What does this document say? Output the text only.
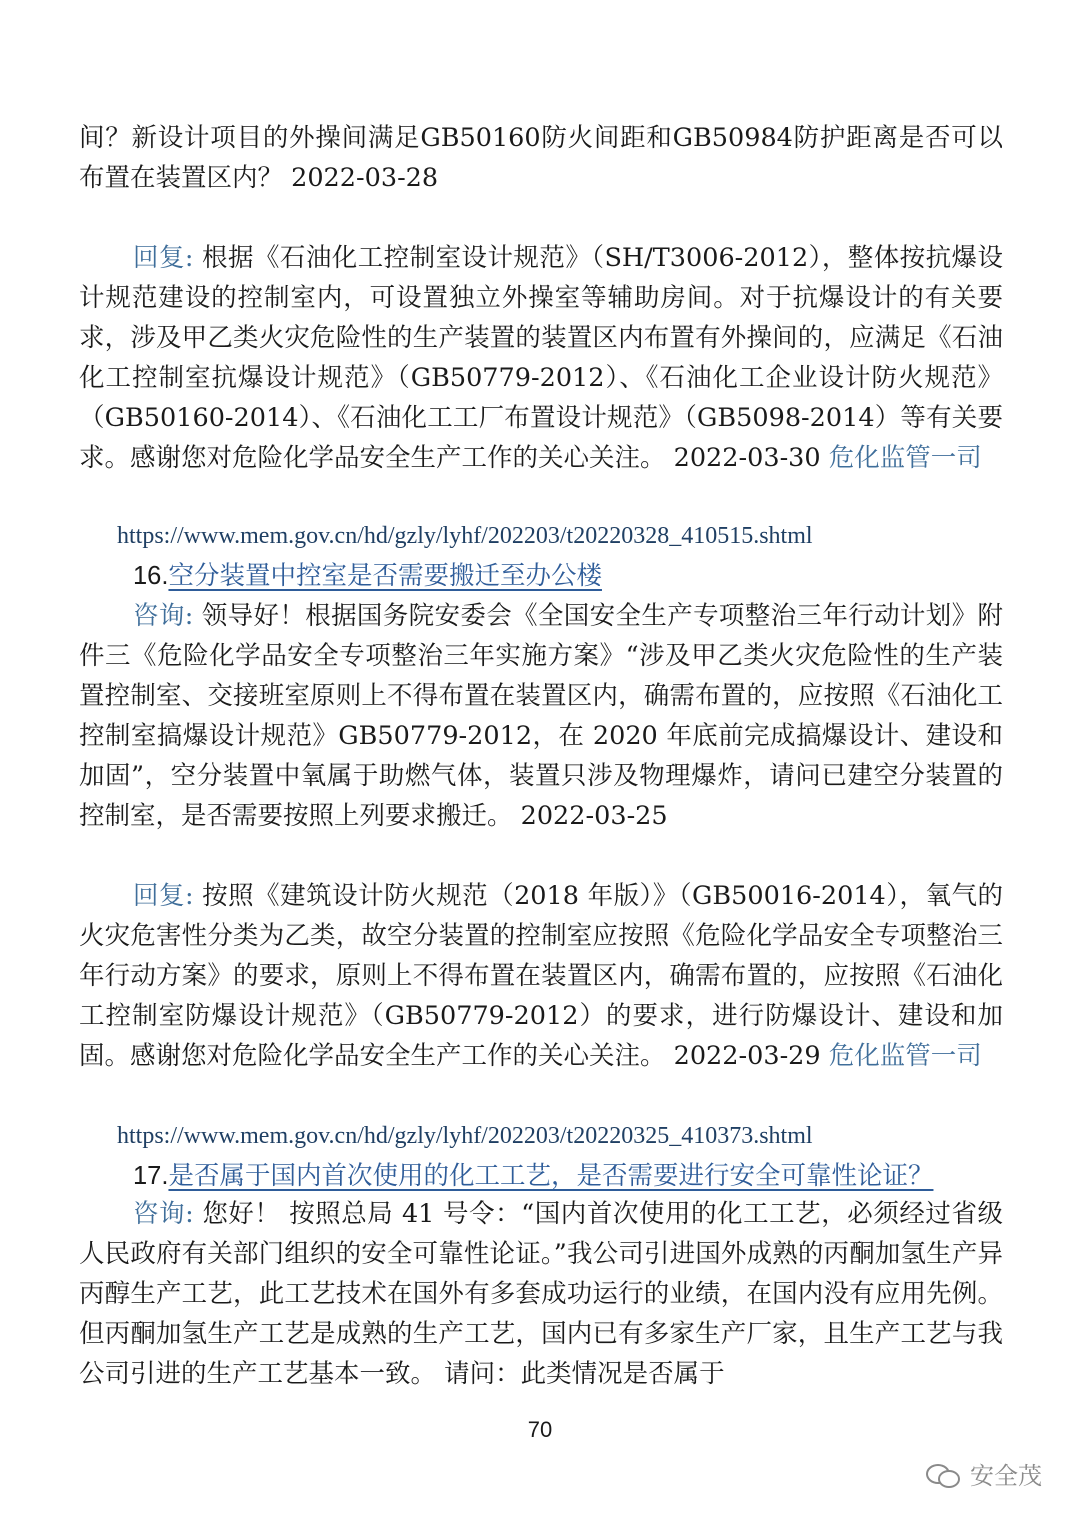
间？新设计项目的外操间满足GB50160防火间距和GB50984防护距离是否可以布置在装置区内？ 2022-03-28

回复: 根据《石油化工控制室设计规范》（SH/T3006-2012），整体按抗爆设计规范建设的控制室内，可设置独立外操室等辅助房间。对于抗爆设计的有关要求，涉及甲乙类火灾危险性的生产装置的装置区内布置有外操间的，应满足《石油化工控制室抗爆设计规范》（GB50779-2012）、《石油化工企业设计防火规范》（GB50160-2014）、《石油化工工厂布置设计规范》（GB5098-2014）等有关要求。感谢您对危险化学品安全生产工作的关心关注。 2022-03-30 危化监管一司

https://www.mem.gov.cn/hd/gzly/lyhf/202203/t20220328_410515.shtml
16.空分装置中控室是否需要搬迁至办公楼

咨询: 领导好！根据国务院安委会《全国安全生产专项整治三年行动计划》附件三《危险化学品安全专项整治三年实施方案》“涉及甲乙类火灾危险性的生产装置控制室、交接班室原则上不得布置在装置区内，确需布置的，应按照《石油化工控制室搞爆设计规范》GB50779-2012，在 2020 年底前完成搞爆设计、建设和加固”，空分装置中氧属于助燃气体，装置只涉及物理爆炸，请问已建空分装置的控制室，是否需要按照上列要求搬迁。 2022-03-25

回复: 按照《建筑设计防火规范（2018 年版）》（GB50016-2014），氧气的火灾危害性分类为乙类，故空分装置的控制室应按照《危险化学品安全专项整治三年行动方案》的要求，原则上不得布置在装置区内，确需布置的，应按照《石油化工控制室防爆设计规范》（GB50779-2012）的要求，进行防爆设计、建设和加固。感谢您对危险化学品安全生产工作的关心关注。 2022-03-29 危化监管一司

https://www.mem.gov.cn/hd/gzly/lyhf/202203/t20220325_410373.shtml
17.是否属于国内首次使用的化工工艺，是否需要进行安全可靠性论证？

咨询: 您好！ 按照总局 41 号令：“国内首次使用的化工工艺，必须经过省级人民政府有关部门组织的安全可靠性论证。”我公司引进国外成熟的丙酮加氢生产异丙醇生产工艺，此工艺技术在国外有多套成功运行的业绩，在国内没有应用先例。但丙酮加氢生产工艺是成熟的生产工艺，国内已有多家生产厂家，且生产工艺与我公司引进的生产工艺基本一致。 请问：此类情况是否属于

70
安全茂
